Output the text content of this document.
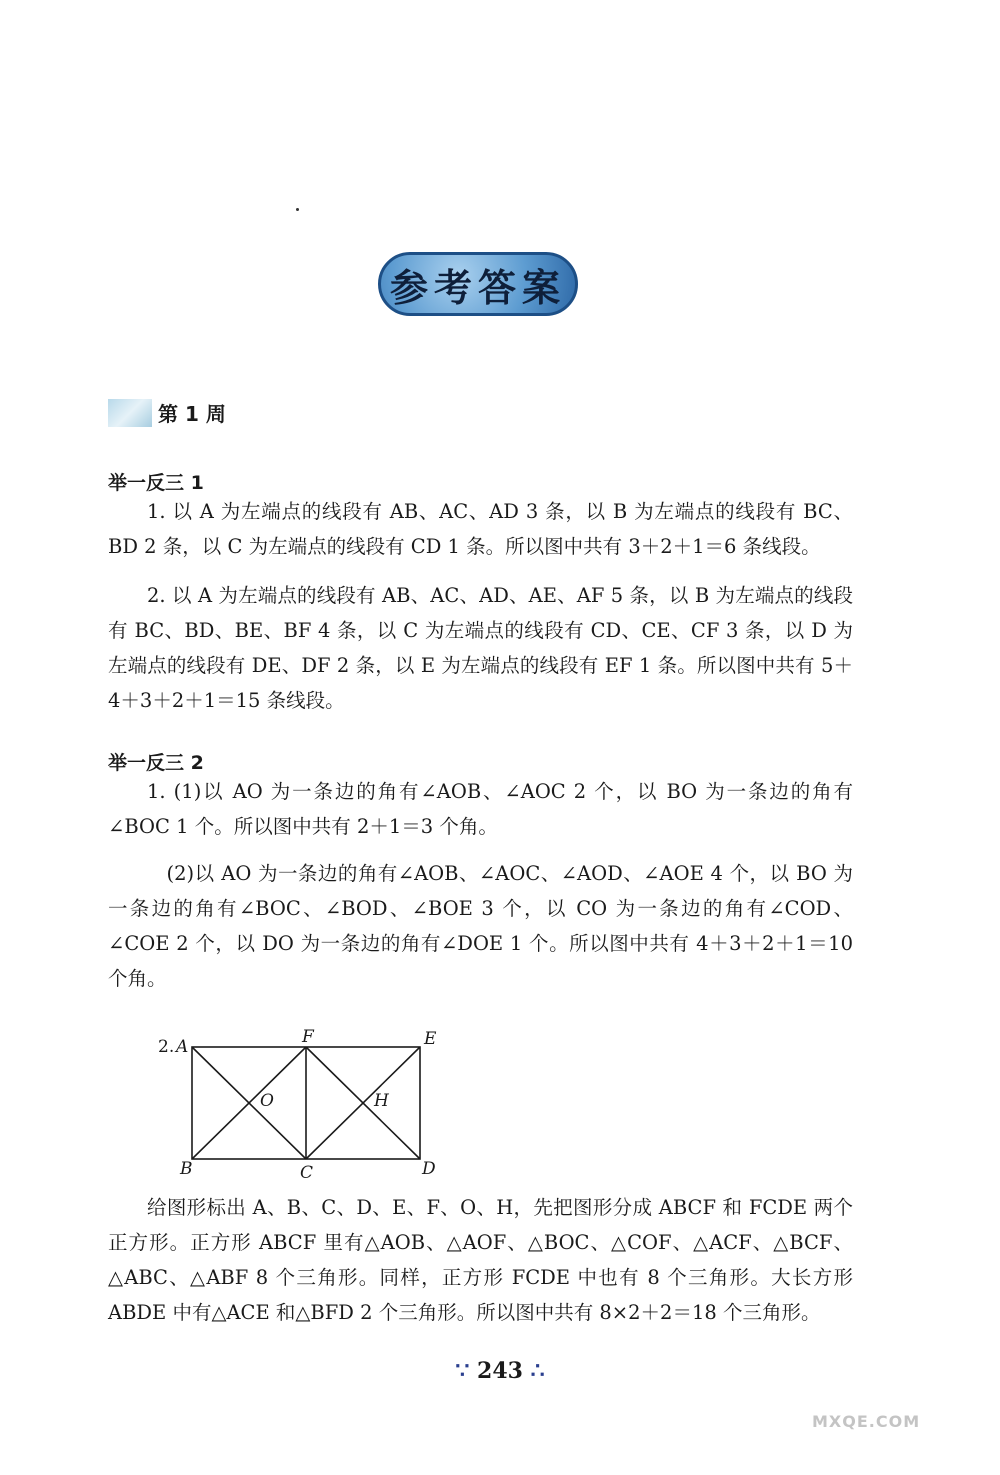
参考答案
第 1 周
举一反三 1

1. 以 A 为左端点的线段有 AB、AC、AD 3 条，以 B 为左端点的线段有 BC、BD 2 条，以 C 为左端点的线段有 CD 1 条。所以图中共有 3＋2＋1＝6 条线段。

2. 以 A 为左端点的线段有 AB、AC、AD、AE、AF 5 条，以 B 为左端点的线段有 BC、BD、BE、BF 4 条，以 C 为左端点的线段有 CD、CE、CF 3 条，以 D 为左端点的线段有 DE、DF 2 条，以 E 为左端点的线段有 EF 1 条。所以图中共有 5＋4＋3＋2＋1＝15 条线段。

举一反三 2

1. (1)以 AO 为一条边的角有∠AOB、∠AOC 2 个，以 BO 为一条边的角有∠BOC 1 个。所以图中共有 2＋1＝3 个角。

(2)以 AO 为一条边的角有∠AOB、∠AOC、∠AOD、∠AOE 4 个，以 BO 为一条边的角有∠BOC、∠BOD、∠BOE 3 个，以 CO 为一条边的角有∠COD、∠COE 2 个，以 DO 为一条边的角有∠DOE 1 个。所以图中共有 4＋3＋2＋1＝10 个角。

2. A	F	E
O	H
B	C	D

给图形标出 A、B、C、D、E、F、O、H，先把图形分成 ABCF 和 FCDE 两个正方形。正方形 ABCF 里有△AOB、△AOF、△BOC、△COF、△ACF、△BCF、△ABC、△ABF 8 个三角形。同样，正方形 FCDE 中也有 8 个三角形。大长方形 ABDE 中有△ACE 和△BFD 2 个三角形。所以图中共有 8×2＋2＝18 个三角形。

∵ 243 ∴
MXQE.COM
